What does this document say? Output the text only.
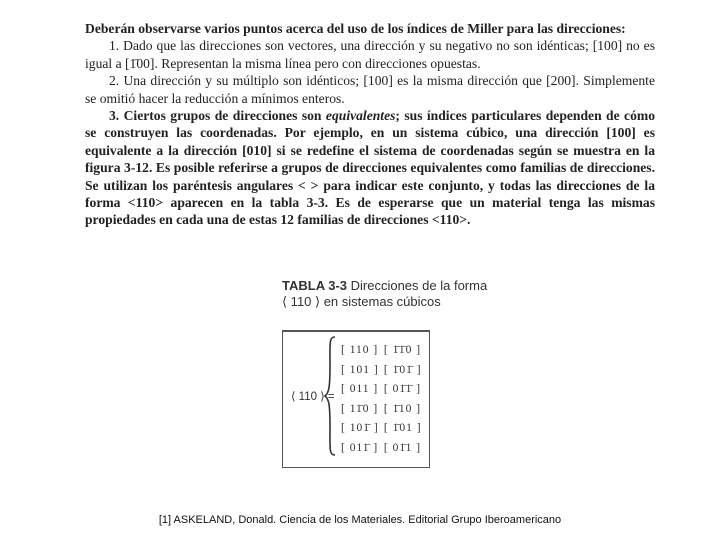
Deberán observarse varios puntos acerca del uso de los índices de Miller para las direcciones:

1. Dado que las direcciones son vectores, una dirección y su negativo no son idénticas; [100] no es igual a [1̄00]. Representan la misma línea pero con direcciones opuestas.

2. Una dirección y su múltiplo son idénticos; [100] es la misma dirección que [200]. Simplemente se omitió hacer la reducción a mínimos enteros.

3. Ciertos grupos de direcciones son equivalentes; sus índices particulares dependen de cómo se construyen las coordenadas. Por ejemplo, en un sistema cúbico, una dirección [100] es equivalente a la dirección [010] si se redefine el sistema de coordenadas según se muestra en la figura 3-12. Es posible referirse a grupos de direcciones equivalentes como familias de direcciones. Se utilizan los paréntesis angulares < > para indicar este conjunto, y todas las direcciones de la forma <110> aparecen en la tabla 3-3. Es de esperarse que un material tenga las mismas propiedades en cada una de estas 12 familias de direcciones <110>.

TABLA 3-3 Direcciones de la forma
⟨ 110 ⟩ en sistemas cúbicos
⟨ 110 ⟩ =
[ 110 ] [ 1̄1̄0 ]
[ 101 ] [ 1̄01̄ ]
[ 011 ] [ 01̄1̄ ]
[ 11̄0 ] [ 1̄10 ]
[ 101̄ ] [ 1̄01 ]
[ 011̄ ] [ 01̄1 ]
[1] ASKELAND, Donald. Ciencia de los Materiales. Editorial Grupo Iberoamericano
